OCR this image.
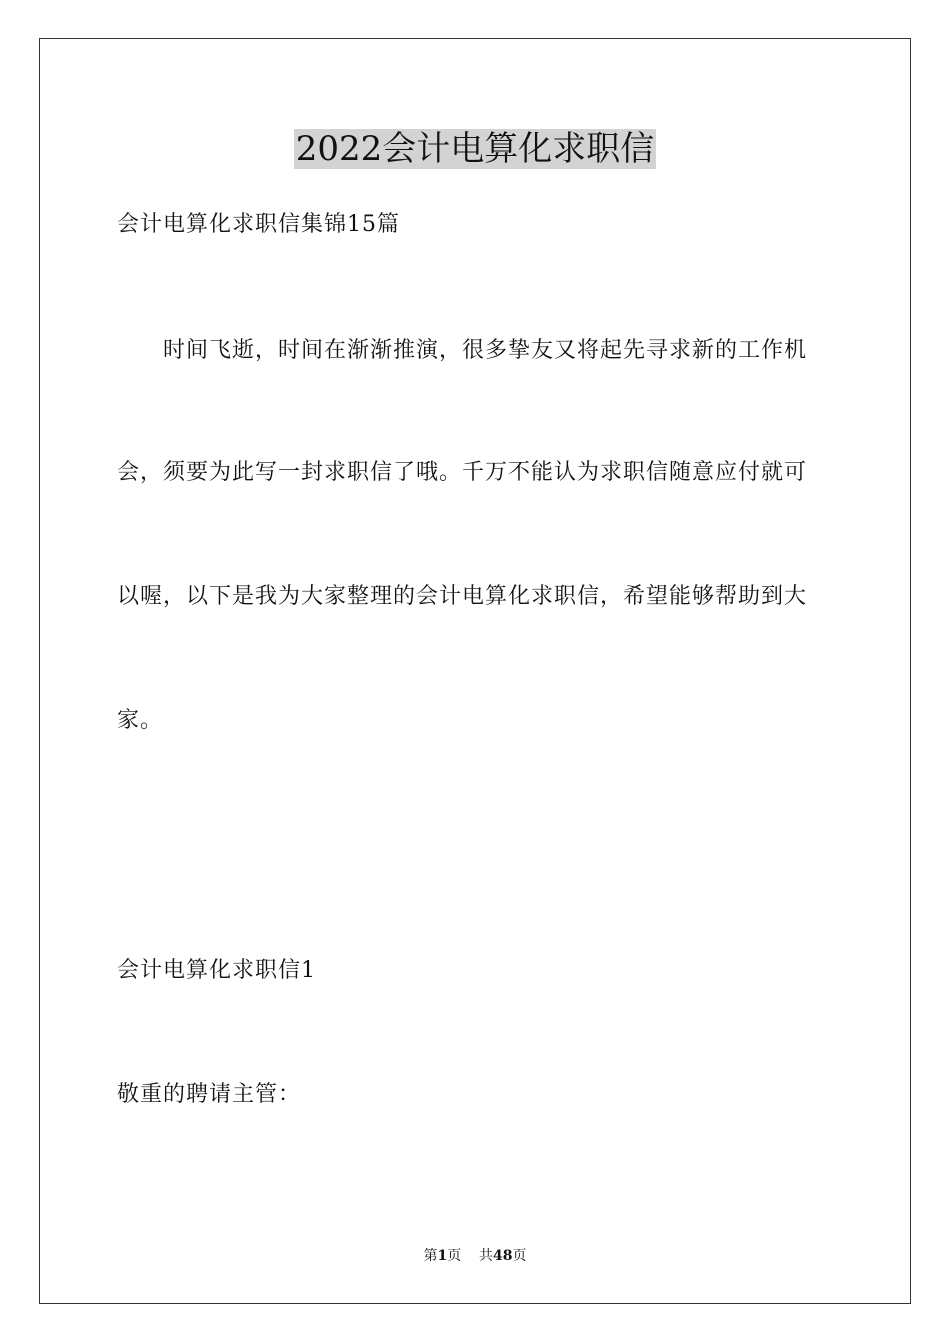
2022会计电算化求职信
会计电算化求职信集锦15篇
时间飞逝，时间在渐渐推演，很多挚友又将起先寻求新的工作机
会，须要为此写一封求职信了哦。千万不能认为求职信随意应付就可
以喔，以下是我为大家整理的会计电算化求职信，希望能够帮助到大
家。
会计电算化求职信1
敬重的聘请主管：
第1页 共48页
